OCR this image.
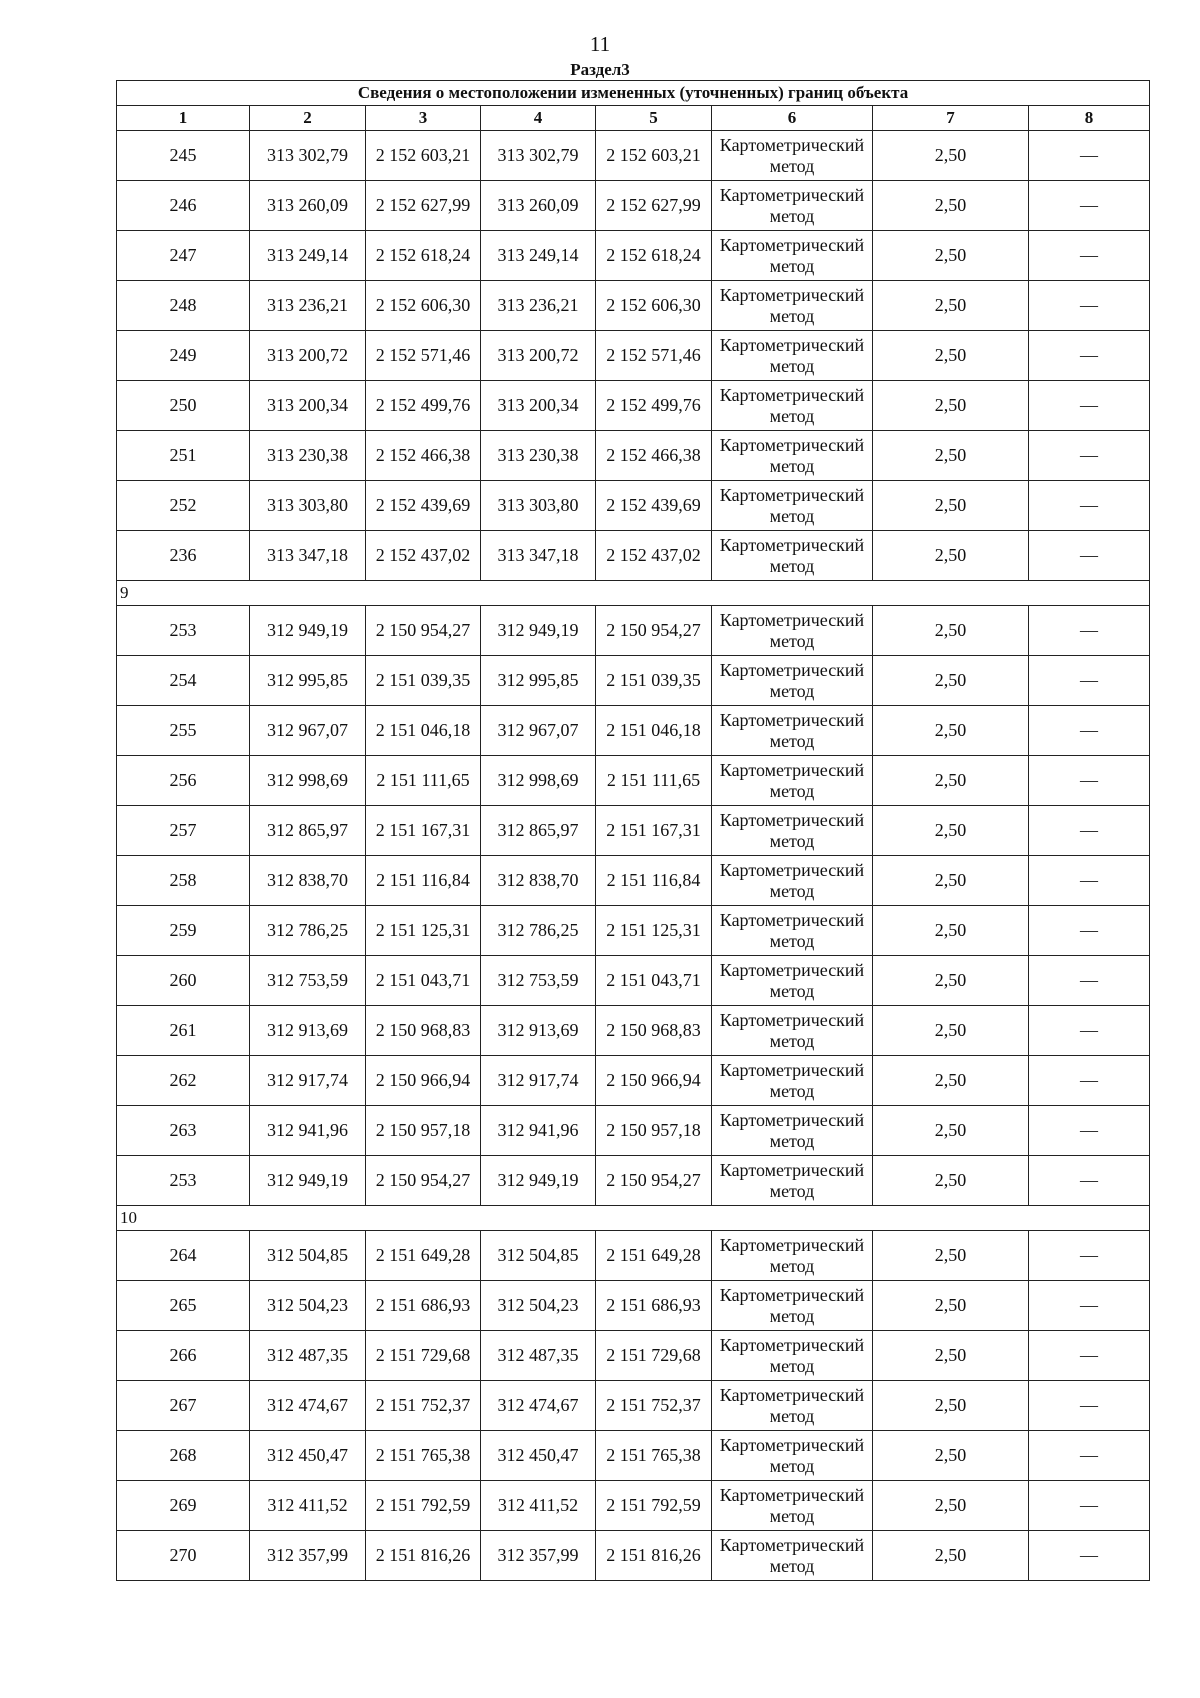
11
Раздел3
Сведения о местоположении измененных (уточненных) границ объекта							
1	2	3	4	5	6	7	8
245	313 302,79	2 152 603,21	313 302,79	2 152 603,21	Картометрический метод	2,50	—
246	313 260,09	2 152 627,99	313 260,09	2 152 627,99	Картометрический метод	2,50	—
247	313 249,14	2 152 618,24	313 249,14	2 152 618,24	Картометрический метод	2,50	—
248	313 236,21	2 152 606,30	313 236,21	2 152 606,30	Картометрический метод	2,50	—
249	313 200,72	2 152 571,46	313 200,72	2 152 571,46	Картометрический метод	2,50	—
250	313 200,34	2 152 499,76	313 200,34	2 152 499,76	Картометрический метод	2,50	—
251	313 230,38	2 152 466,38	313 230,38	2 152 466,38	Картометрический метод	2,50	—
252	313 303,80	2 152 439,69	313 303,80	2 152 439,69	Картометрический метод	2,50	—
236	313 347,18	2 152 437,02	313 347,18	2 152 437,02	Картометрический метод	2,50	—
9							
253	312 949,19	2 150 954,27	312 949,19	2 150 954,27	Картометрический метод	2,50	—
254	312 995,85	2 151 039,35	312 995,85	2 151 039,35	Картометрический метод	2,50	—
255	312 967,07	2 151 046,18	312 967,07	2 151 046,18	Картометрический метод	2,50	—
256	312 998,69	2 151 111,65	312 998,69	2 151 111,65	Картометрический метод	2,50	—
257	312 865,97	2 151 167,31	312 865,97	2 151 167,31	Картометрический метод	2,50	—
258	312 838,70	2 151 116,84	312 838,70	2 151 116,84	Картометрический метод	2,50	—
259	312 786,25	2 151 125,31	312 786,25	2 151 125,31	Картометрический метод	2,50	—
260	312 753,59	2 151 043,71	312 753,59	2 151 043,71	Картометрический метод	2,50	—
261	312 913,69	2 150 968,83	312 913,69	2 150 968,83	Картометрический метод	2,50	—
262	312 917,74	2 150 966,94	312 917,74	2 150 966,94	Картометрический метод	2,50	—
263	312 941,96	2 150 957,18	312 941,96	2 150 957,18	Картометрический метод	2,50	—
253	312 949,19	2 150 954,27	312 949,19	2 150 954,27	Картометрический метод	2,50	—
10							
264	312 504,85	2 151 649,28	312 504,85	2 151 649,28	Картометрический метод	2,50	—
265	312 504,23	2 151 686,93	312 504,23	2 151 686,93	Картометрический метод	2,50	—
266	312 487,35	2 151 729,68	312 487,35	2 151 729,68	Картометрический метод	2,50	—
267	312 474,67	2 151 752,37	312 474,67	2 151 752,37	Картометрический метод	2,50	—
268	312 450,47	2 151 765,38	312 450,47	2 151 765,38	Картометрический метод	2,50	—
269	312 411,52	2 151 792,59	312 411,52	2 151 792,59	Картометрический метод	2,50	—
270	312 357,99	2 151 816,26	312 357,99	2 151 816,26	Картометрический метод	2,50	—
